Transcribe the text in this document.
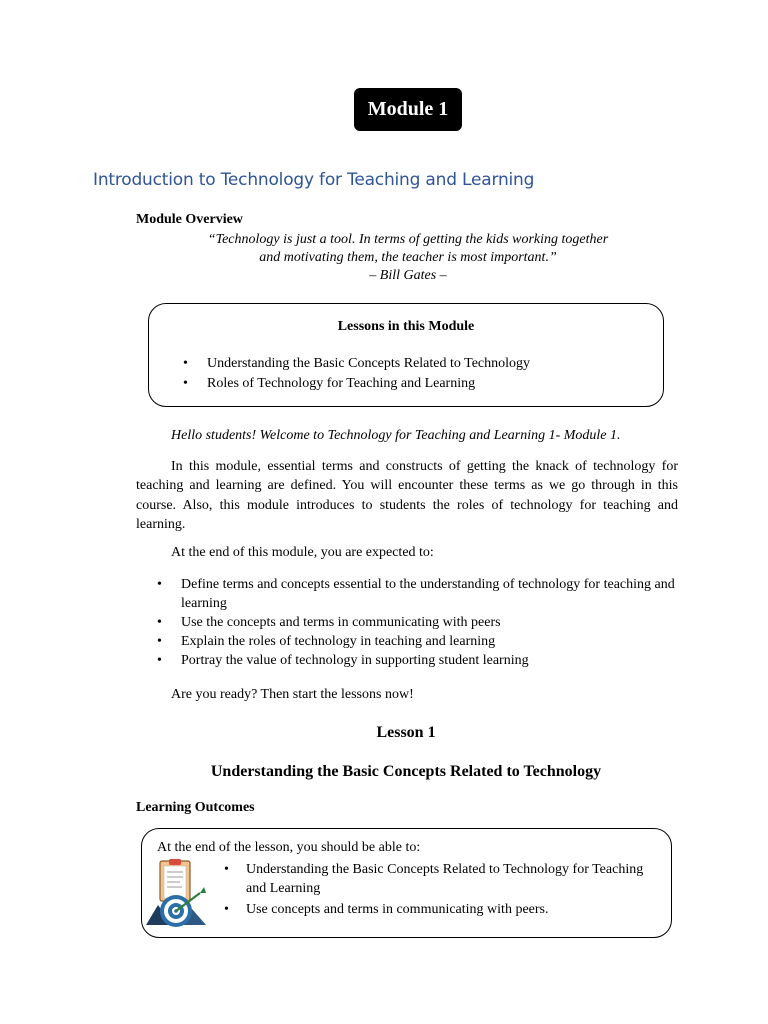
Module 1
Introduction to Technology for Teaching and Learning
Module Overview
“Technology is just a tool. In terms of getting the kids working together
and motivating them, the teacher is most important.”
– Bill Gates –
Lessons in this Module
• Understanding the Basic Concepts Related to Technology
• Roles of Technology for Teaching and Learning
Hello students! Welcome to Technology for Teaching and Learning 1- Module 1.
In this module, essential terms and constructs of getting the knack of technology for teaching and learning are defined. You will encounter these terms as we go through in this course. Also, this module introduces to students the roles of technology for teaching and learning.
At the end of this module, you are expected to:
• Define terms and concepts essential to the understanding of technology for teaching and learning
• Use the concepts and terms in communicating with peers
• Explain the roles of technology in teaching and learning
• Portray the value of technology in supporting student learning
Are you ready? Then start the lessons now!
Lesson 1
Understanding the Basic Concepts Related to Technology
Learning Outcomes
At the end of the lesson, you should be able to:
• Understanding the Basic Concepts Related to Technology for Teaching and Learning
• Use concepts and terms in communicating with peers.
